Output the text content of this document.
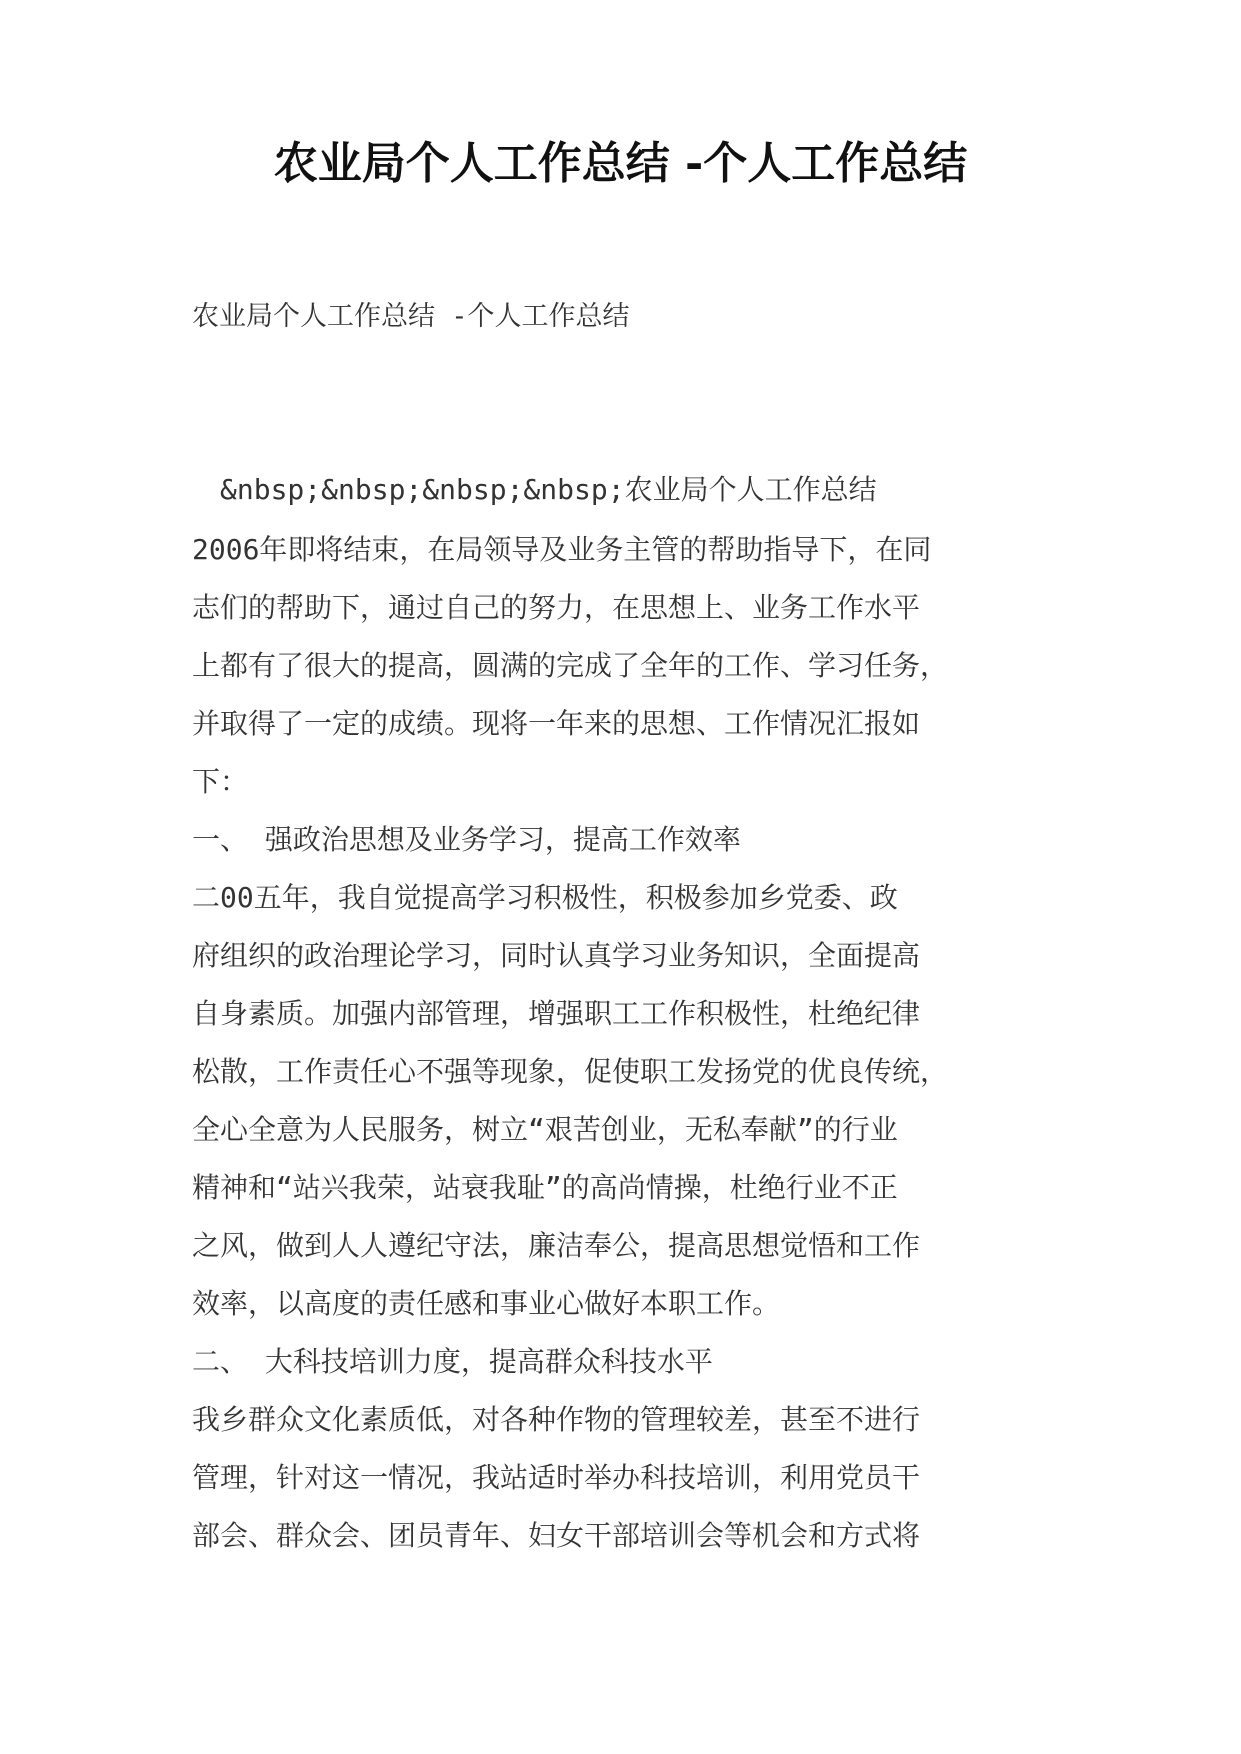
农业局个人工作总结 -个人工作总结
农业局个人工作总结 -个人工作总结
&nbsp;&nbsp;&nbsp;&nbsp;农业局个人工作总结
2006年即将结束，在局领导及业务主管的帮助指导下，在同
志们的帮助下，通过自己的努力，在思想上、业务工作水平
上都有了很大的提高，圆满的完成了全年的工作、学习任务，
并取得了一定的成绩。现将一年来的思想、工作情况汇报如
下：
一、 强政治思想及业务学习，提高工作效率
二00五年，我自觉提高学习积极性，积极参加乡党委、政
府组织的政治理论学习，同时认真学习业务知识，全面提高
自身素质。加强内部管理，增强职工工作积极性，杜绝纪律
松散，工作责任心不强等现象，促使职工发扬党的优良传统，
全心全意为人民服务，树立“艰苦创业，无私奉献”的行业
精神和“站兴我荣，站衰我耻”的高尚情操，杜绝行业不正
之风，做到人人遵纪守法，廉洁奉公，提高思想觉悟和工作
效率，以高度的责任感和事业心做好本职工作。
二、 大科技培训力度，提高群众科技水平
我乡群众文化素质低，对各种作物的管理较差，甚至不进行
管理，针对这一情况，我站适时举办科技培训，利用党员干
部会、群众会、团员青年、妇女干部培训会等机会和方式将
